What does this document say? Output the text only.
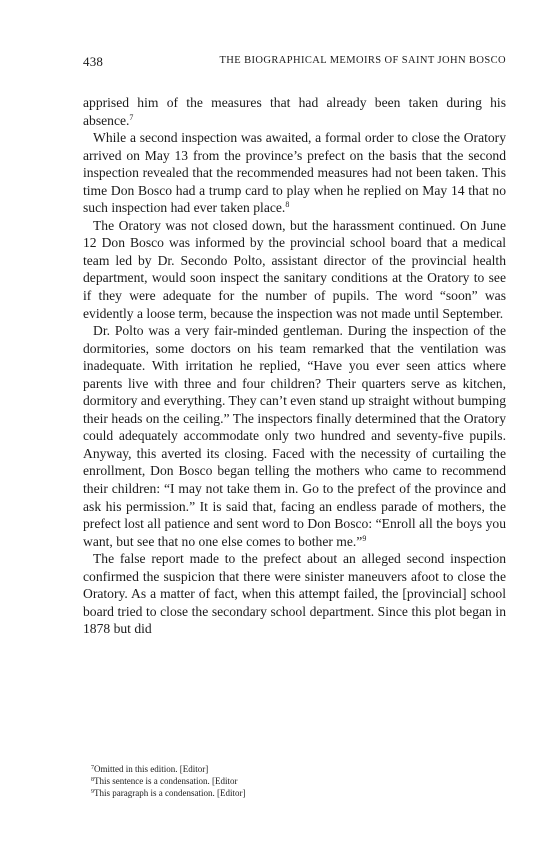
438	THE BIOGRAPHICAL MEMOIRS OF SAINT JOHN BOSCO

apprised him of the measures that had already been taken during his absence.$^7$

While a second inspection was awaited, a formal order to close the Oratory arrived on May 13 from the province’s prefect on the basis that the second inspection revealed that the recommended measures had not been taken. This time Don Bosco had a trump card to play when he replied on May 14 that no such inspection had ever taken place.$^8$

The Oratory was not closed down, but the harassment continued. On June 12 Don Bosco was informed by the provincial school board that a medical team led by Dr. Secondo Polto, assistant director of the provincial health department, would soon inspect the sanitary conditions at the Oratory to see if they were adequate for the number of pupils. The word “soon” was evidently a loose term, because the inspection was not made until September.

Dr. Polto was a very fair-minded gentleman. During the inspection of the dormitories, some doctors on his team remarked that the ventilation was inadequate. With irritation he replied, “Have you ever seen attics where parents live with three and four children? Their quarters serve as kitchen, dormitory and everything. They can’t even stand up straight without bumping their heads on the ceiling.” The inspectors finally determined that the Oratory could adequately accommodate only two hundred and seventy-five pupils. Anyway, this averted its closing. Faced with the necessity of curtailing the enrollment, Don Bosco began telling the mothers who came to recommend their children: “I may not take them in. Go to the prefect of the province and ask his permission.” It is said that, facing an endless parade of mothers, the prefect lost all patience and sent word to Don Bosco: “Enroll all the boys you want, but see that no one else comes to bother me.”$^9$

The false report made to the prefect about an alleged second inspection confirmed the suspicion that there were sinister maneuvers afoot to close the Oratory. As a matter of fact, when this attempt failed, the [provincial] school board tried to close the secondary school department. Since this plot began in 1878 but did

$^7$Omitted in this edition. [Editor]

$^8$This sentence is a condensation. [Editor

$^9$This paragraph is a condensation. [Editor]
